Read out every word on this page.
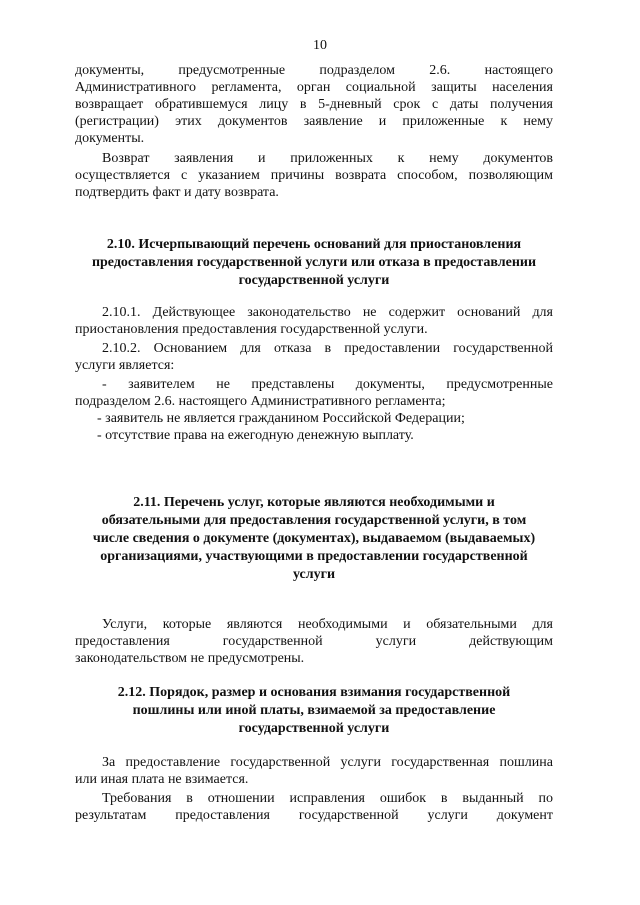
10
документы, предусмотренные подразделом 2.6. настоящего
Административного регламента, орган социальной защиты населения
возвращает обратившемуся лицу в 5-дневный срок с даты получения
(регистрации) этих документов заявление и приложенные к нему
документы.
Возврат заявления и приложенных к нему документов
осуществляется с указанием причины возврата способом, позволяющим
подтвердить факт и дату возврата.
2.10. Исчерпывающий перечень оснований для приостановления
предоставления государственной услуги или отказа в предоставлении
государственной услуги
2.10.1. Действующее законодательство не содержит оснований для
приостановления предоставления государственной услуги.
2.10.2. Основанием для отказа в предоставлении государственной
услуги является:
- заявителем не представлены документы, предусмотренные
подразделом 2.6. настоящего Административного регламента;
- заявитель не является гражданином Российской Федерации;
- отсутствие права на ежегодную денежную выплату.
2.11. Перечень услуг, которые являются необходимыми и
обязательными для предоставления государственной услуги, в том
числе сведения о документе (документах), выдаваемом (выдаваемых)
организациями, участвующими в предоставлении государственной
услуги
Услуги, которые являются необходимыми и обязательными для
предоставления государственной услуги действующим
законодательством не предусмотрены.
2.12. Порядок, размер и основания взимания государственной
пошлины или иной платы, взимаемой за предоставление
государственной услуги
За предоставление государственной услуги государственная пошлина
или иная плата не взимается.
Требования в отношении исправления ошибок в выданный по
результатам предоставления государственной услуги документ
